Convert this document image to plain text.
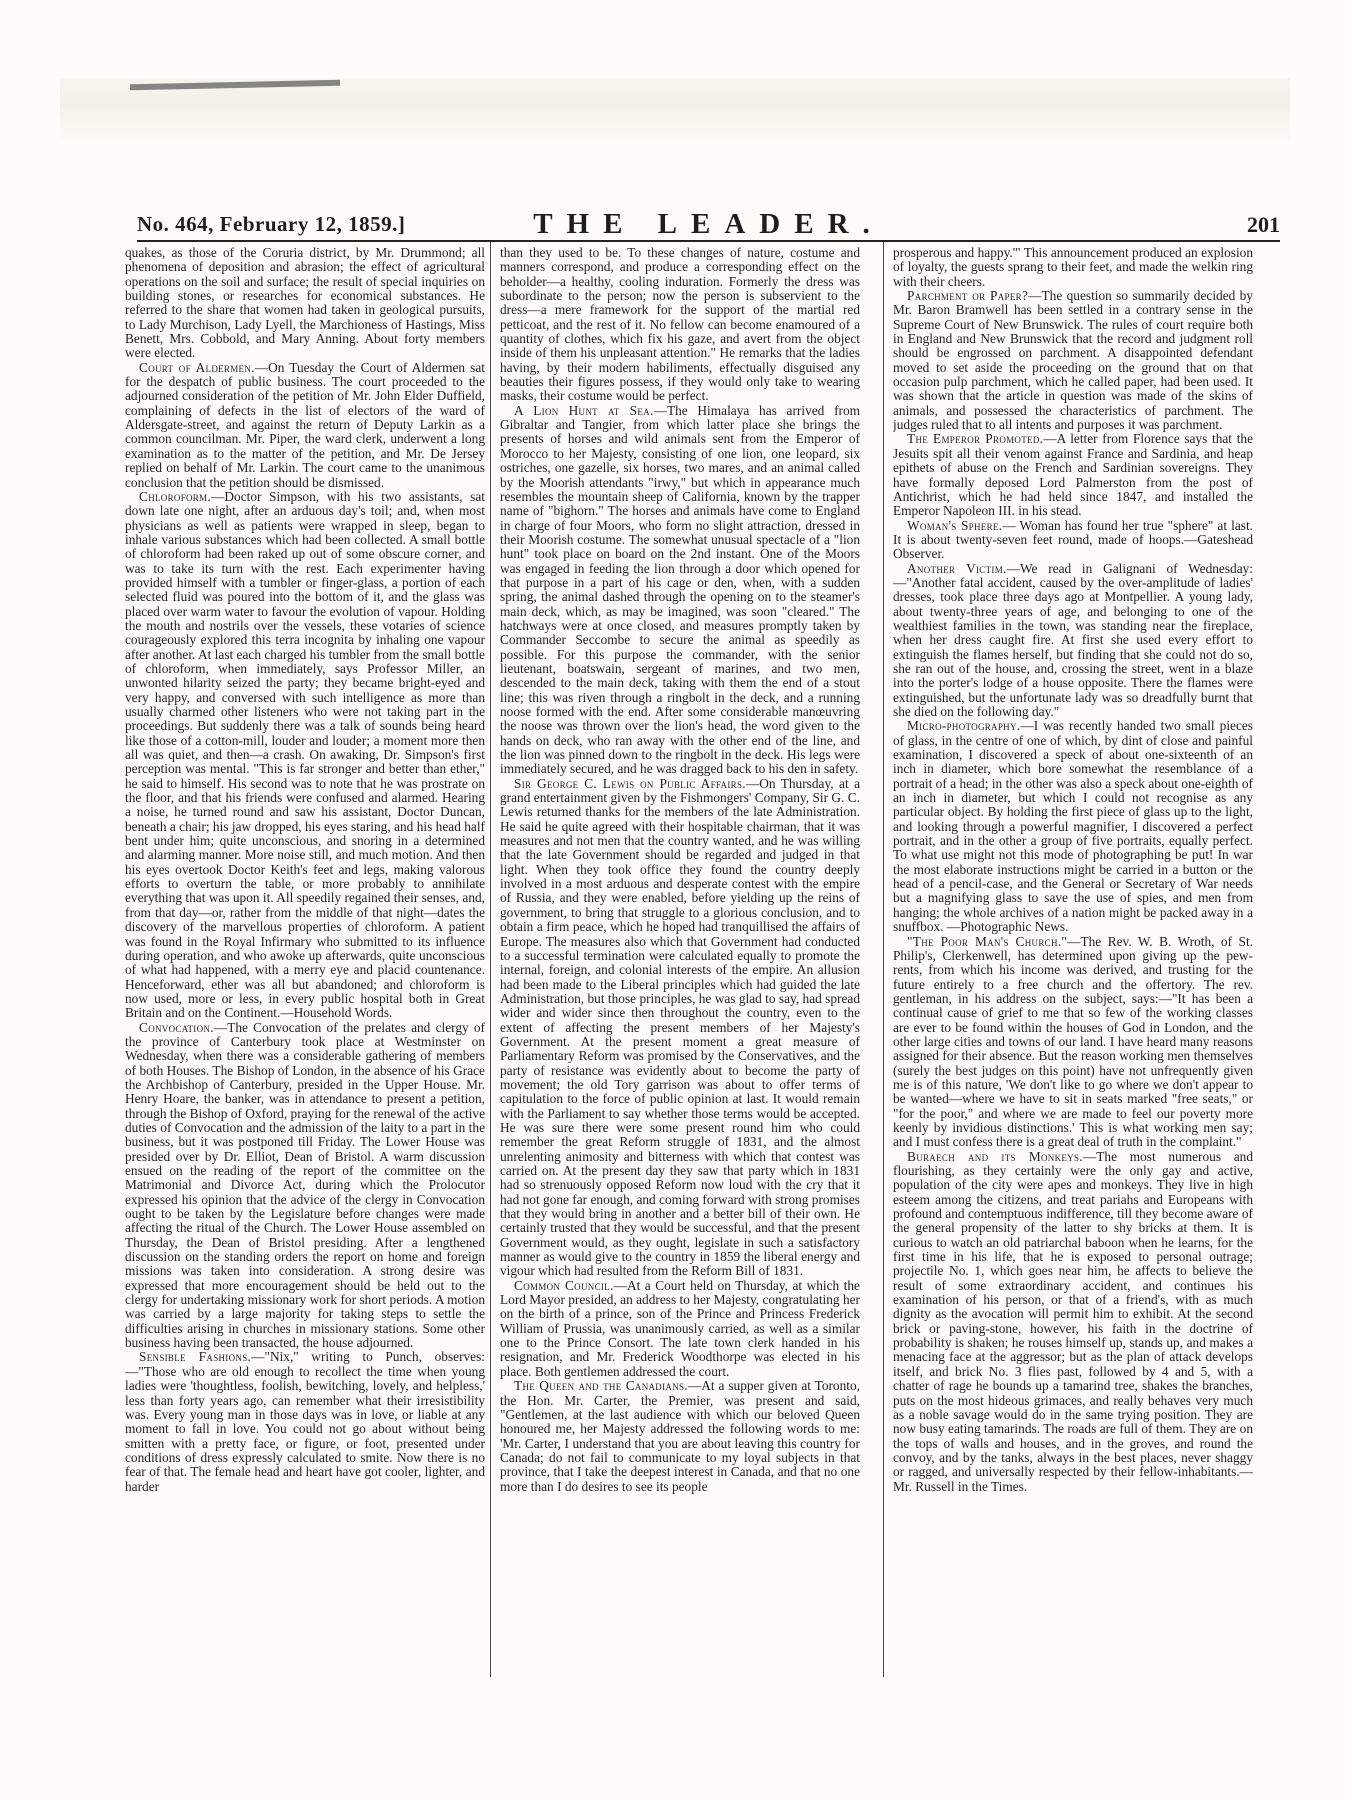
No. 464, February 12, 1859.]	THE LEADER.	201

quakes, as those of the Coruria district, by Mr. Drummond; all phenomena of deposition and abrasion; the effect of agricultural operations on the soil and surface; the result of special inquiries on building stones, or researches for economical substances. He referred to the share that women had taken in geological pursuits, to Lady Murchison, Lady Lyell, the Marchioness of Hastings, Miss Benett, Mrs. Cobbold, and Mary Anning. About forty members were elected.

Court of Aldermen.—On Tuesday the Court of Aldermen sat for the despatch of public business. The court proceeded to the adjourned consideration of the petition of Mr. John Elder Duffield, complaining of defects in the list of electors of the ward of Aldersgate-street, and against the return of Deputy Larkin as a common councilman. Mr. Piper, the ward clerk, underwent a long examination as to the matter of the petition, and Mr. De Jersey replied on behalf of Mr. Larkin. The court came to the unanimous conclusion that the petition should be dismissed.

Chloroform.—Doctor Simpson, with his two assistants, sat down late one night, after an arduous day's toil; and, when most physicians as well as patients were wrapped in sleep, began to inhale various substances which had been collected. A small bottle of chloroform had been raked up out of some obscure corner, and was to take its turn with the rest. Each experimenter having provided himself with a tumbler or finger-glass, a portion of each selected fluid was poured into the bottom of it, and the glass was placed over warm water to favour the evolution of vapour. Holding the mouth and nostrils over the vessels, these votaries of science courageously explored this terra incognita by inhaling one vapour after another. At last each charged his tumbler from the small bottle of chloroform, when immediately, says Professor Miller, an unwonted hilarity seized the party; they became bright-eyed and very happy, and conversed with such intelligence as more than usually charmed other listeners who were not taking part in the proceedings. But suddenly there was a talk of sounds being heard like those of a cotton-mill, louder and louder; a moment more then all was quiet, and then—a crash. On awaking, Dr. Simpson's first perception was mental. "This is far stronger and better than ether," he said to himself. His second was to note that he was prostrate on the floor, and that his friends were confused and alarmed. Hearing a noise, he turned round and saw his assistant, Doctor Duncan, beneath a chair; his jaw dropped, his eyes staring, and his head half bent under him; quite unconscious, and snoring in a determined and alarming manner. More noise still, and much motion. And then his eyes overtook Doctor Keith's feet and legs, making valorous efforts to overturn the table, or more probably to annihilate everything that was upon it. All speedily regained their senses, and, from that day—or, rather from the middle of that night—dates the discovery of the marvellous properties of chloroform. A patient was found in the Royal Infirmary who submitted to its influence during operation, and who awoke up afterwards, quite unconscious of what had happened, with a merry eye and placid countenance. Henceforward, ether was all but abandoned; and chloroform is now used, more or less, in every public hospital both in Great Britain and on the Continent.—Household Words.

Convocation.—The Convocation of the prelates and clergy of the province of Canterbury took place at Westminster on Wednesday, when there was a considerable gathering of members of both Houses. The Bishop of London, in the absence of his Grace the Archbishop of Canterbury, presided in the Upper House. Mr. Henry Hoare, the banker, was in attendance to present a petition, through the Bishop of Oxford, praying for the renewal of the active duties of Convocation and the admission of the laity to a part in the business, but it was postponed till Friday. The Lower House was presided over by Dr. Elliot, Dean of Bristol. A warm discussion ensued on the reading of the report of the committee on the Matrimonial and Divorce Act, during which the Prolocutor expressed his opinion that the advice of the clergy in Convocation ought to be taken by the Legislature before changes were made affecting the ritual of the Church. The Lower House assembled on Thursday, the Dean of Bristol presiding. After a lengthened discussion on the standing orders the report on home and foreign missions was taken into consideration. A strong desire was expressed that more encouragement should be held out to the clergy for undertaking missionary work for short periods. A motion was carried by a large majority for taking steps to settle the difficulties arising in churches in missionary stations. Some other business having been transacted, the house adjourned.

Sensible Fashions.—"Nix," writing to Punch, observes:—"Those who are old enough to recollect the time when young ladies were 'thoughtless, foolish, bewitching, lovely, and helpless,' less than forty years ago, can remember what their irresistibility was. Every young man in those days was in love, or liable at any moment to fall in love. You could not go about without being smitten with a pretty face, or figure, or foot, presented under conditions of dress expressly calculated to smite. Now there is no fear of that. The female head and heart have got cooler, lighter, and harder

than they used to be. To these changes of nature, costume and manners correspond, and produce a corresponding effect on the beholder—a healthy, cooling induration. Formerly the dress was subordinate to the person; now the person is subservient to the dress—a mere framework for the support of the martial red petticoat, and the rest of it. No fellow can become enamoured of a quantity of clothes, which fix his gaze, and avert from the object inside of them his unpleasant attention." He remarks that the ladies having, by their modern habiliments, effectually disguised any beauties their figures possess, if they would only take to wearing masks, their costume would be perfect.

A Lion Hunt at Sea.—The Himalaya has arrived from Gibraltar and Tangier, from which latter place she brings the presents of horses and wild animals sent from the Emperor of Morocco to her Majesty, consisting of one lion, one leopard, six ostriches, one gazelle, six horses, two mares, and an animal called by the Moorish attendants "irwy," but which in appearance much resembles the mountain sheep of California, known by the trapper name of "bighorn." The horses and animals have come to England in charge of four Moors, who form no slight attraction, dressed in their Moorish costume. The somewhat unusual spectacle of a "lion hunt" took place on board on the 2nd instant. One of the Moors was engaged in feeding the lion through a door which opened for that purpose in a part of his cage or den, when, with a sudden spring, the animal dashed through the opening on to the steamer's main deck, which, as may be imagined, was soon "cleared." The hatchways were at once closed, and measures promptly taken by Commander Seccombe to secure the animal as speedily as possible. For this purpose the commander, with the senior lieutenant, boatswain, sergeant of marines, and two men, descended to the main deck, taking with them the end of a stout line; this was riven through a ringbolt in the deck, and a running noose formed with the end. After some considerable manœuvring the noose was thrown over the lion's head, the word given to the hands on deck, who ran away with the other end of the line, and the lion was pinned down to the ringbolt in the deck. His legs were immediately secured, and he was dragged back to his den in safety.

Sir George C. Lewis on Public Affairs.—On Thursday, at a grand entertainment given by the Fishmongers' Company, Sir G. C. Lewis returned thanks for the members of the late Administration. He said he quite agreed with their hospitable chairman, that it was measures and not men that the country wanted, and he was willing that the late Government should be regarded and judged in that light. When they took office they found the country deeply involved in a most arduous and desperate contest with the empire of Russia, and they were enabled, before yielding up the reins of government, to bring that struggle to a glorious conclusion, and to obtain a firm peace, which he hoped had tranquillised the affairs of Europe. The measures also which that Government had conducted to a successful termination were calculated equally to promote the internal, foreign, and colonial interests of the empire. An allusion had been made to the Liberal principles which had guided the late Administration, but those principles, he was glad to say, had spread wider and wider since then throughout the country, even to the extent of affecting the present members of her Majesty's Government. At the present moment a great measure of Parliamentary Reform was promised by the Conservatives, and the party of resistance was evidently about to become the party of movement; the old Tory garrison was about to offer terms of capitulation to the force of public opinion at last. It would remain with the Parliament to say whether those terms would be accepted. He was sure there were some present round him who could remember the great Reform struggle of 1831, and the almost unrelenting animosity and bitterness with which that contest was carried on. At the present day they saw that party which in 1831 had so strenuously opposed Reform now loud with the cry that it had not gone far enough, and coming forward with strong promises that they would bring in another and a better bill of their own. He certainly trusted that they would be successful, and that the present Government would, as they ought, legislate in such a satisfactory manner as would give to the country in 1859 the liberal energy and vigour which had resulted from the Reform Bill of 1831.

Common Council.—At a Court held on Thursday, at which the Lord Mayor presided, an address to her Majesty, congratulating her on the birth of a prince, son of the Prince and Princess Frederick William of Prussia, was unanimously carried, as well as a similar one to the Prince Consort. The late town clerk handed in his resignation, and Mr. Frederick Woodthorpe was elected in his place. Both gentlemen addressed the court.

The Queen and the Canadians.—At a supper given at Toronto, the Hon. Mr. Carter, the Premier, was present and said, "Gentlemen, at the last audience with which our beloved Queen honoured me, her Majesty addressed the following words to me: 'Mr. Carter, I understand that you are about leaving this country for Canada; do not fail to communicate to my loyal subjects in that province, that I take the deepest interest in Canada, and that no one more than I do desires to see its people

prosperous and happy.'" This announcement produced an explosion of loyalty, the guests sprang to their feet, and made the welkin ring with their cheers.

Parchment or Paper?—The question so summarily decided by Mr. Baron Bramwell has been settled in a contrary sense in the Supreme Court of New Brunswick. The rules of court require both in England and New Brunswick that the record and judgment roll should be engrossed on parchment. A disappointed defendant moved to set aside the proceeding on the ground that on that occasion pulp parchment, which he called paper, had been used. It was shown that the article in question was made of the skins of animals, and possessed the characteristics of parchment. The judges ruled that to all intents and purposes it was parchment.

The Emperor Promoted.—A letter from Florence says that the Jesuits spit all their venom against France and Sardinia, and heap epithets of abuse on the French and Sardinian sovereigns. They have formally deposed Lord Palmerston from the post of Antichrist, which he had held since 1847, and installed the Emperor Napoleon III. in his stead.

Woman's Sphere.— Woman has found her true "sphere" at last. It is about twenty-seven feet round, made of hoops.—Gateshead Observer.

Another Victim.—We read in Galignani of Wednesday:—"Another fatal accident, caused by the over-amplitude of ladies' dresses, took place three days ago at Montpellier. A young lady, about twenty-three years of age, and belonging to one of the wealthiest families in the town, was standing near the fireplace, when her dress caught fire. At first she used every effort to extinguish the flames herself, but finding that she could not do so, she ran out of the house, and, crossing the street, went in a blaze into the porter's lodge of a house opposite. There the flames were extinguished, but the unfortunate lady was so dreadfully burnt that she died on the following day."

Micro-photography.—I was recently handed two small pieces of glass, in the centre of one of which, by dint of close and painful examination, I discovered a speck of about one-sixteenth of an inch in diameter, which bore somewhat the resemblance of a portrait of a head; in the other was also a speck about one-eighth of an inch in diameter, but which I could not recognise as any particular object. By holding the first piece of glass up to the light, and looking through a powerful magnifier, I discovered a perfect portrait, and in the other a group of five portraits, equally perfect. To what use might not this mode of photographing be put! In war the most elaborate instructions might be carried in a button or the head of a pencil-case, and the General or Secretary of War needs but a magnifying glass to save the use of spies, and men from hanging; the whole archives of a nation might be packed away in a snuffbox. —Photographic News.

"The Poor Man's Church."—The Rev. W. B. Wroth, of St. Philip's, Clerkenwell, has determined upon giving up the pew-rents, from which his income was derived, and trusting for the future entirely to a free church and the offertory. The rev. gentleman, in his address on the subject, says:—"It has been a continual cause of grief to me that so few of the working classes are ever to be found within the houses of God in London, and the other large cities and towns of our land. I have heard many reasons assigned for their absence. But the reason working men themselves (surely the best judges on this point) have not unfrequently given me is of this nature, 'We don't like to go where we don't appear to be wanted—where we have to sit in seats marked "free seats," or "for the poor," and where we are made to feel our poverty more keenly by invidious distinctions.' This is what working men say; and I must confess there is a great deal of truth in the complaint."

Buraech and its Monkeys.—The most numerous and flourishing, as they certainly were the only gay and active, population of the city were apes and monkeys. They live in high esteem among the citizens, and treat pariahs and Europeans with profound and contemptuous indifference, till they become aware of the general propensity of the latter to shy bricks at them. It is curious to watch an old patriarchal baboon when he learns, for the first time in his life, that he is exposed to personal outrage; projectile No. 1, which goes near him, he affects to believe the result of some extraordinary accident, and continues his examination of his person, or that of a friend's, with as much dignity as the avocation will permit him to exhibit. At the second brick or paving-stone, however, his faith in the doctrine of probability is shaken; he rouses himself up, stands up, and makes a menacing face at the aggressor; but as the plan of attack develops itself, and brick No. 3 flies past, followed by 4 and 5, with a chatter of rage he bounds up a tamarind tree, shakes the branches, puts on the most hideous grimaces, and really behaves very much as a noble savage would do in the same trying position. They are now busy eating tamarinds. The roads are full of them. They are on the tops of walls and houses, and in the groves, and round the convoy, and by the tanks, always in the best places, never shaggy or ragged, and universally respected by their fellow-inhabitants.—Mr. Russell in the Times.
